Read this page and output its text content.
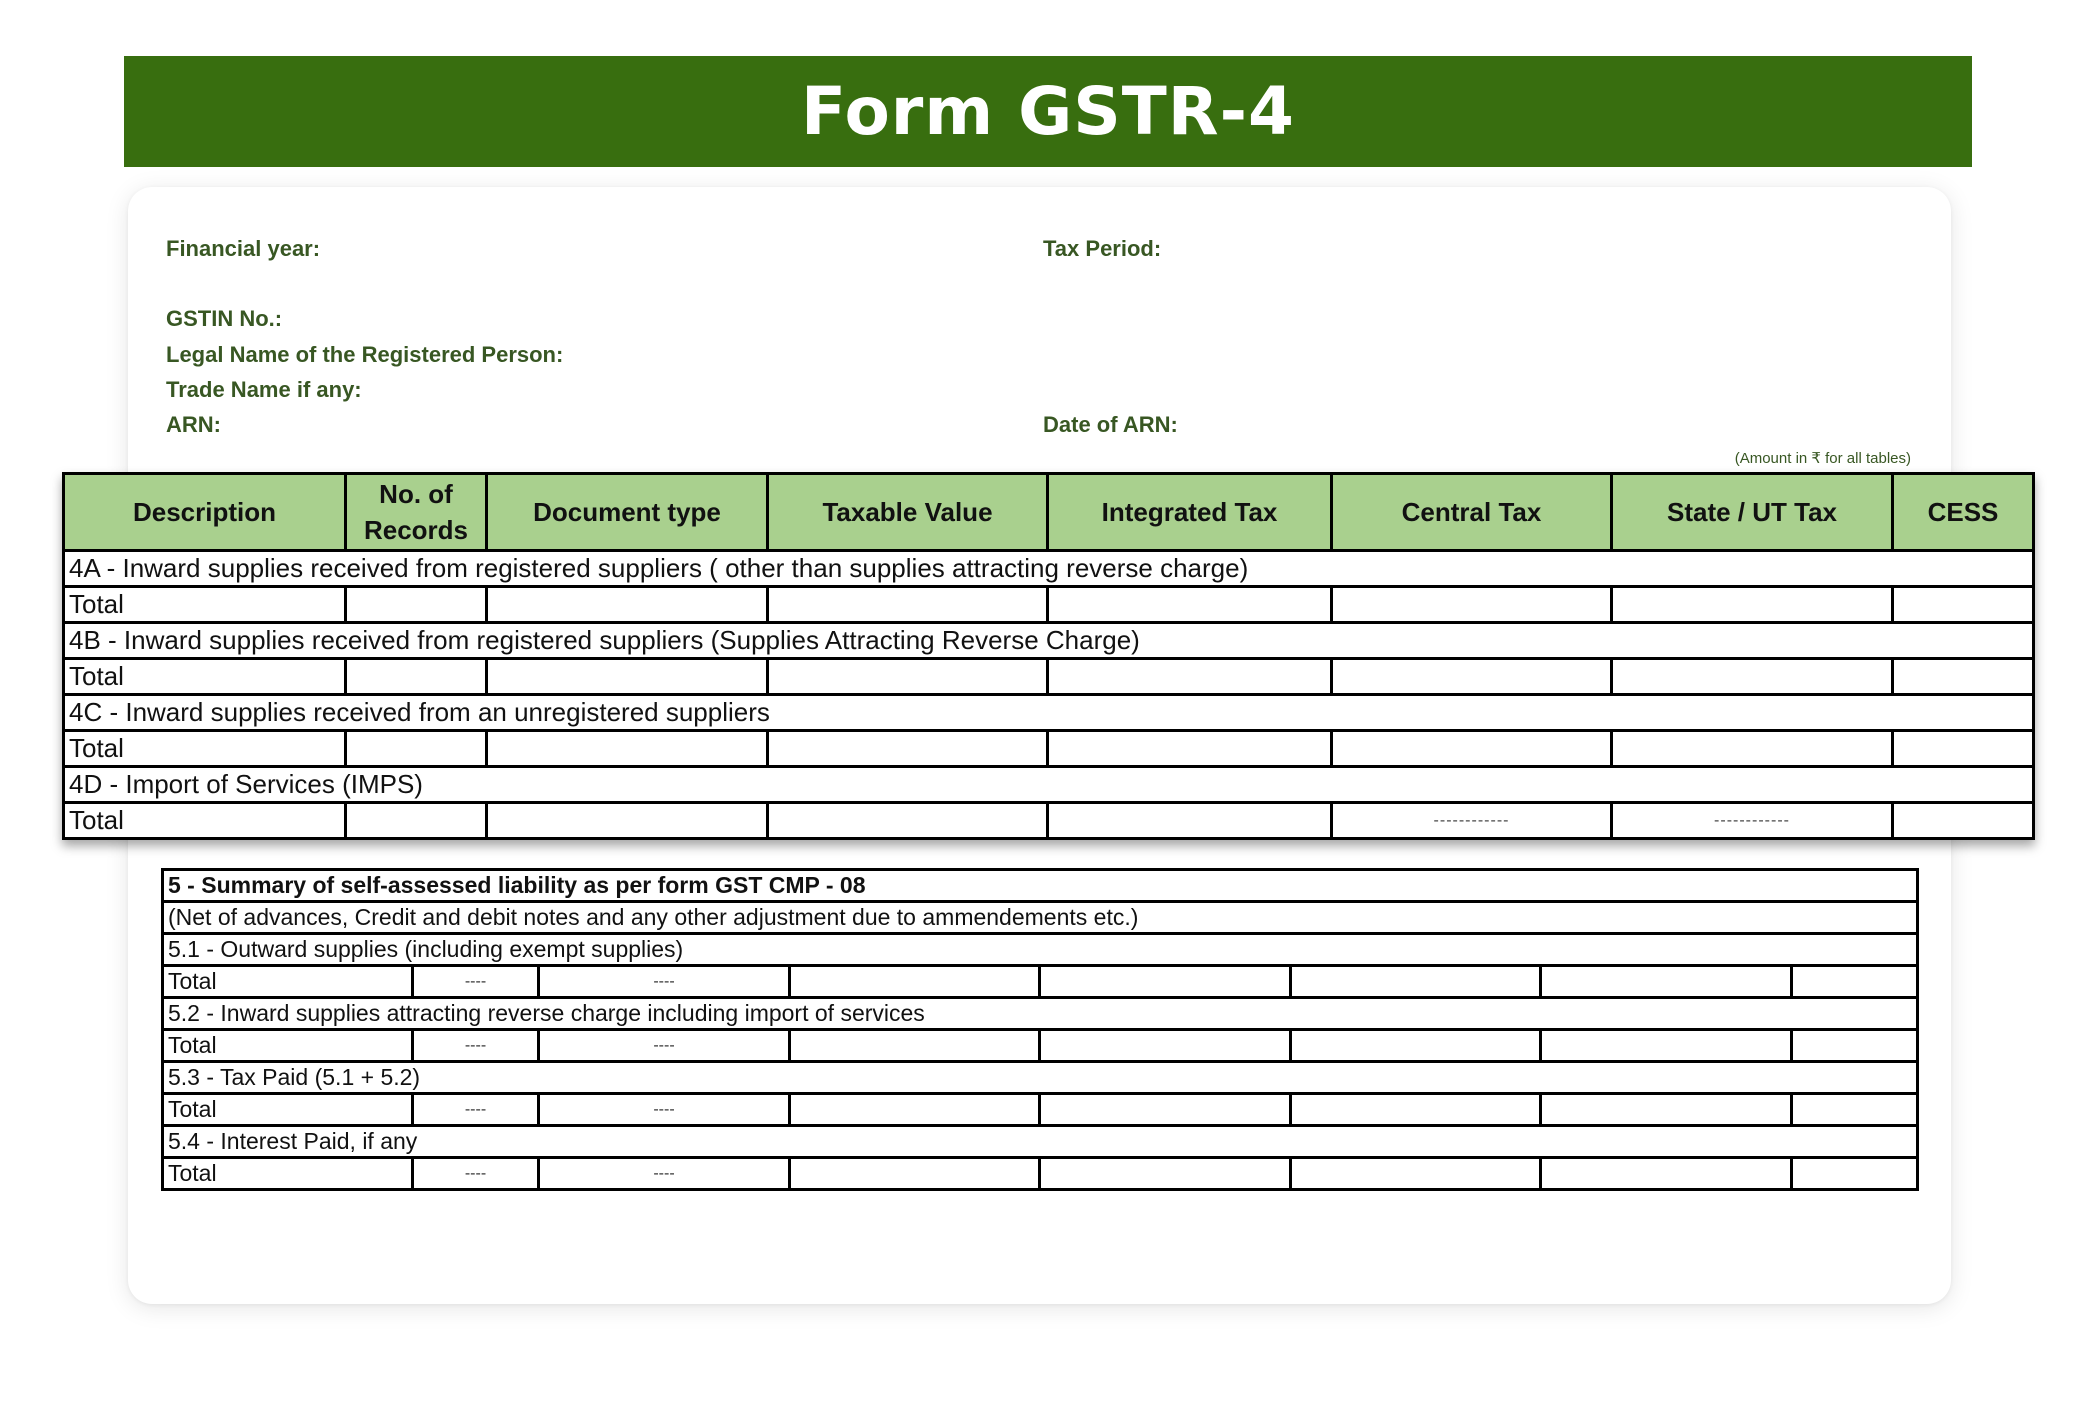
Form GSTR-4
Financial year:	Tax Period:
GSTIN No.:
Legal Name of the Registered Person:
Trade Name if any:
ARN:	Date of ARN:
(Amount in ₹ for all tables)
5 - Summary of self-assessed liability as per form GST CMP - 08							
(Net of advances, Credit and debit notes and any other adjustment due to ammendements etc.)							
5.1 - Outward supplies (including exempt supplies)							
Total	----	----					
5.2 - Inward supplies attracting reverse charge including import of services							
Total	----	----					
5.3 - Tax Paid (5.1 + 5.2)							
Total	----	----					
5.4 - Interest Paid, if any							
Total	----	----					
Description	No. of Records	Document type	Taxable Value	Integrated Tax	Central Tax	State / UT Tax	CESS
4A - Inward supplies received from registered suppliers ( other than supplies attracting reverse charge)							
Total							
4B - Inward supplies received from registered suppliers (Supplies Attracting Reverse Charge)							
Total							
4C - Inward supplies received from an unregistered suppliers							
Total							
4D - Import of Services (IMPS)							
Total					------------	------------	
